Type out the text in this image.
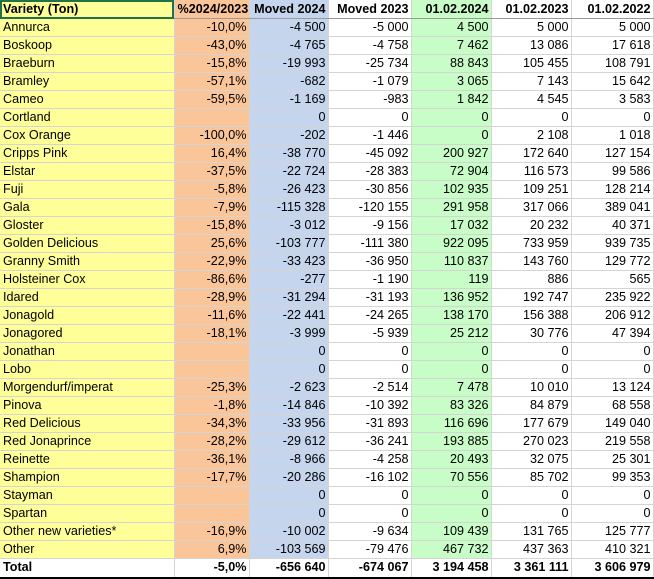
Variety (Ton)	%2024/2023	Moved 2024	Moved 2023	01.02.2024	01.02.2023	01.02.2022
Annurca	-10,0%	-4 500	-5 000	4 500	5 000	5 000
Boskoop	-43,0%	-4 765	-4 758	7 462	13 086	17 618
Braeburn	-15,8%	-19 993	-25 734	88 843	105 455	108 791
Bramley	-57,1%	-682	-1 079	3 065	7 143	15 642
Cameo	-59,5%	-1 169	-983	1 842	4 545	3 583
Cortland		0	0	0	0	0
Cox Orange	-100,0%	-202	-1 446	0	2 108	1 018
Cripps Pink	16,4%	-38 770	-45 092	200 927	172 640	127 154
Elstar	-37,5%	-22 724	-28 383	72 904	116 573	99 586
Fuji	-5,8%	-26 423	-30 856	102 935	109 251	128 214
Gala	-7,9%	-115 328	-120 155	291 958	317 066	389 041
Gloster	-15,8%	-3 012	-9 156	17 032	20 232	40 371
Golden Delicious	25,6%	-103 777	-111 380	922 095	733 959	939 735
Granny Smith	-22,9%	-33 423	-36 950	110 837	143 760	129 772
Holsteiner Cox	-86,6%	-277	-1 190	119	886	565
Idared	-28,9%	-31 294	-31 193	136 952	192 747	235 922
Jonagold	-11,6%	-22 441	-24 265	138 170	156 388	206 912
Jonagored	-18,1%	-3 999	-5 939	25 212	30 776	47 394
Jonathan		0	0	0	0	0
Lobo		0	0	0	0	0
Morgendurf/imperat	-25,3%	-2 623	-2 514	7 478	10 010	13 124
Pinova	-1,8%	-14 846	-10 392	83 326	84 879	68 558
Red Delicious	-34,3%	-33 956	-31 893	116 696	177 679	149 040
Red Jonaprince	-28,2%	-29 612	-36 241	193 885	270 023	219 558
Reinette	-36,1%	-8 966	-4 258	20 493	32 075	25 301
Shampion	-17,7%	-20 286	-16 102	70 556	85 702	99 353
Stayman		0	0	0	0	0
Spartan		0	0	0	0	0
Other new varieties*	-16,9%	-10 002	-9 634	109 439	131 765	125 777
Other	6,9%	-103 569	-79 476	467 732	437 363	410 321
Total	-5,0%	-656 640	-674 067	3 194 458	3 361 111	3 606 979
